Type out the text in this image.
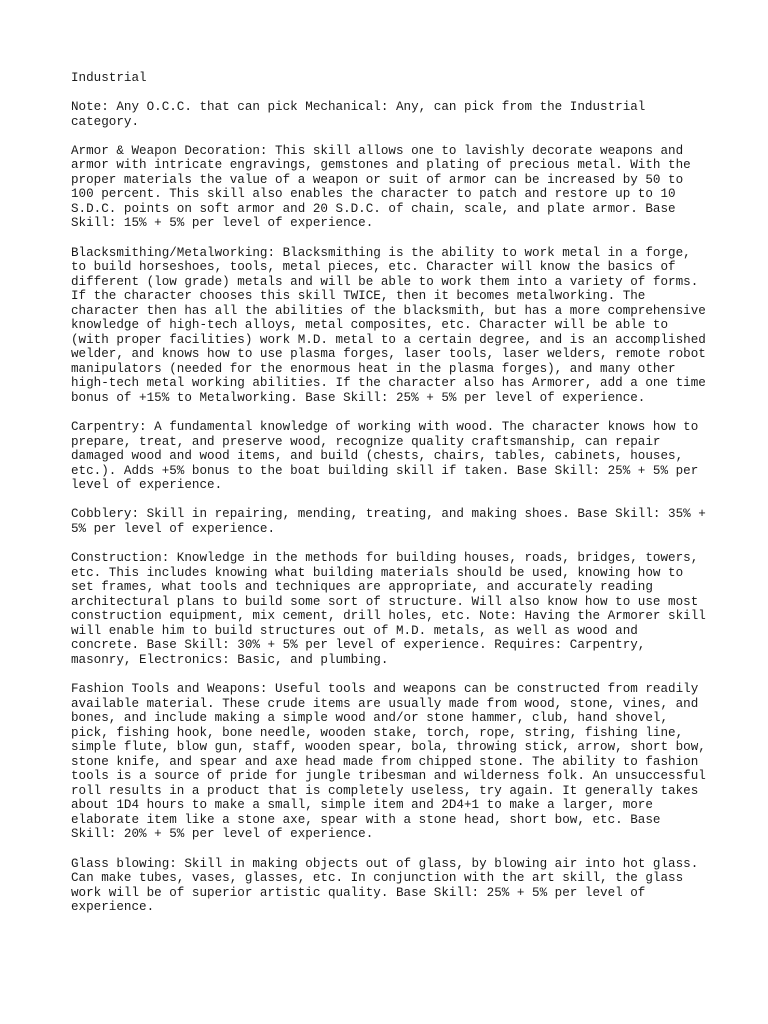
Industrial

Note: Any O.C.C. that can pick Mechanical: Any, can pick from the Industrial category.

Armor & Weapon Decoration: This skill allows one to lavishly decorate weapons and armor with intricate engravings, gemstones and plating of precious metal. With the proper materials the value of a weapon or suit of armor can be increased by 50 to 100 percent. This skill also enables the character to patch and restore up to 10 S.D.C. points on soft armor and 20 S.D.C. of chain, scale, and plate armor. Base Skill: 15% + 5% per level of experience.

Blacksmithing/Metalworking: Blacksmithing is the ability to work metal in a forge, to build horseshoes, tools, metal pieces, etc. Character will know the basics of different (low grade) metals and will be able to work them into a variety of forms. If the character chooses this skill TWICE, then it becomes metalworking. The character then has all the abilities of the blacksmith, but has a more comprehensive knowledge of high-tech alloys, metal composites, etc. Character will be able to (with proper facilities) work M.D. metal to a certain degree, and is an accomplished welder, and knows how to use plasma forges, laser tools, laser welders, remote robot manipulators (needed for the enormous heat in the plasma forges), and many other high-tech metal working abilities. If the character also has Armorer, add a one time bonus of +15% to Metalworking. Base Skill: 25% + 5% per level of experience.

Carpentry: A fundamental knowledge of working with wood. The character knows how to prepare, treat, and preserve wood, recognize quality craftsmanship, can repair damaged wood and wood items, and build (chests, chairs, tables, cabinets, houses, etc.). Adds +5% bonus to the boat building skill if taken. Base Skill: 25% + 5% per level of experience.

Cobblery: Skill in repairing, mending, treating, and making shoes. Base Skill: 35% + 5% per level of experience.

Construction: Knowledge in the methods for building houses, roads, bridges, towers, etc. This includes knowing what building materials should be used, knowing how to set frames, what tools and techniques are appropriate, and accurately reading architectural plans to build some sort of structure. Will also know how to use most construction equipment, mix cement, drill holes, etc. Note: Having the Armorer skill will enable him to build structures out of M.D. metals, as well as wood and concrete. Base Skill: 30% + 5% per level of experience. Requires: Carpentry, masonry, Electronics: Basic, and plumbing.

Fashion Tools and Weapons: Useful tools and weapons can be constructed from readily available material. These crude items are usually made from wood, stone, vines, and bones, and include making a simple wood and/or stone hammer, club, hand shovel, pick, fishing hook, bone needle, wooden stake, torch, rope, string, fishing line, simple flute, blow gun, staff, wooden spear, bola, throwing stick, arrow, short bow, stone knife, and spear and axe head made from chipped stone. The ability to fashion tools is a source of pride for jungle tribesman and wilderness folk. An unsuccessful roll results in a product that is completely useless, try again. It generally takes about 1D4 hours to make a small, simple item and 2D4+1 to make a larger, more elaborate item like a stone axe, spear with a stone head, short bow, etc. Base Skill: 20% + 5% per level of experience.

Glass blowing: Skill in making objects out of glass, by blowing air into hot glass. Can make tubes, vases, glasses, etc. In conjunction with the art skill, the glass work will be of superior artistic quality. Base Skill: 25% + 5% per level of experience.
